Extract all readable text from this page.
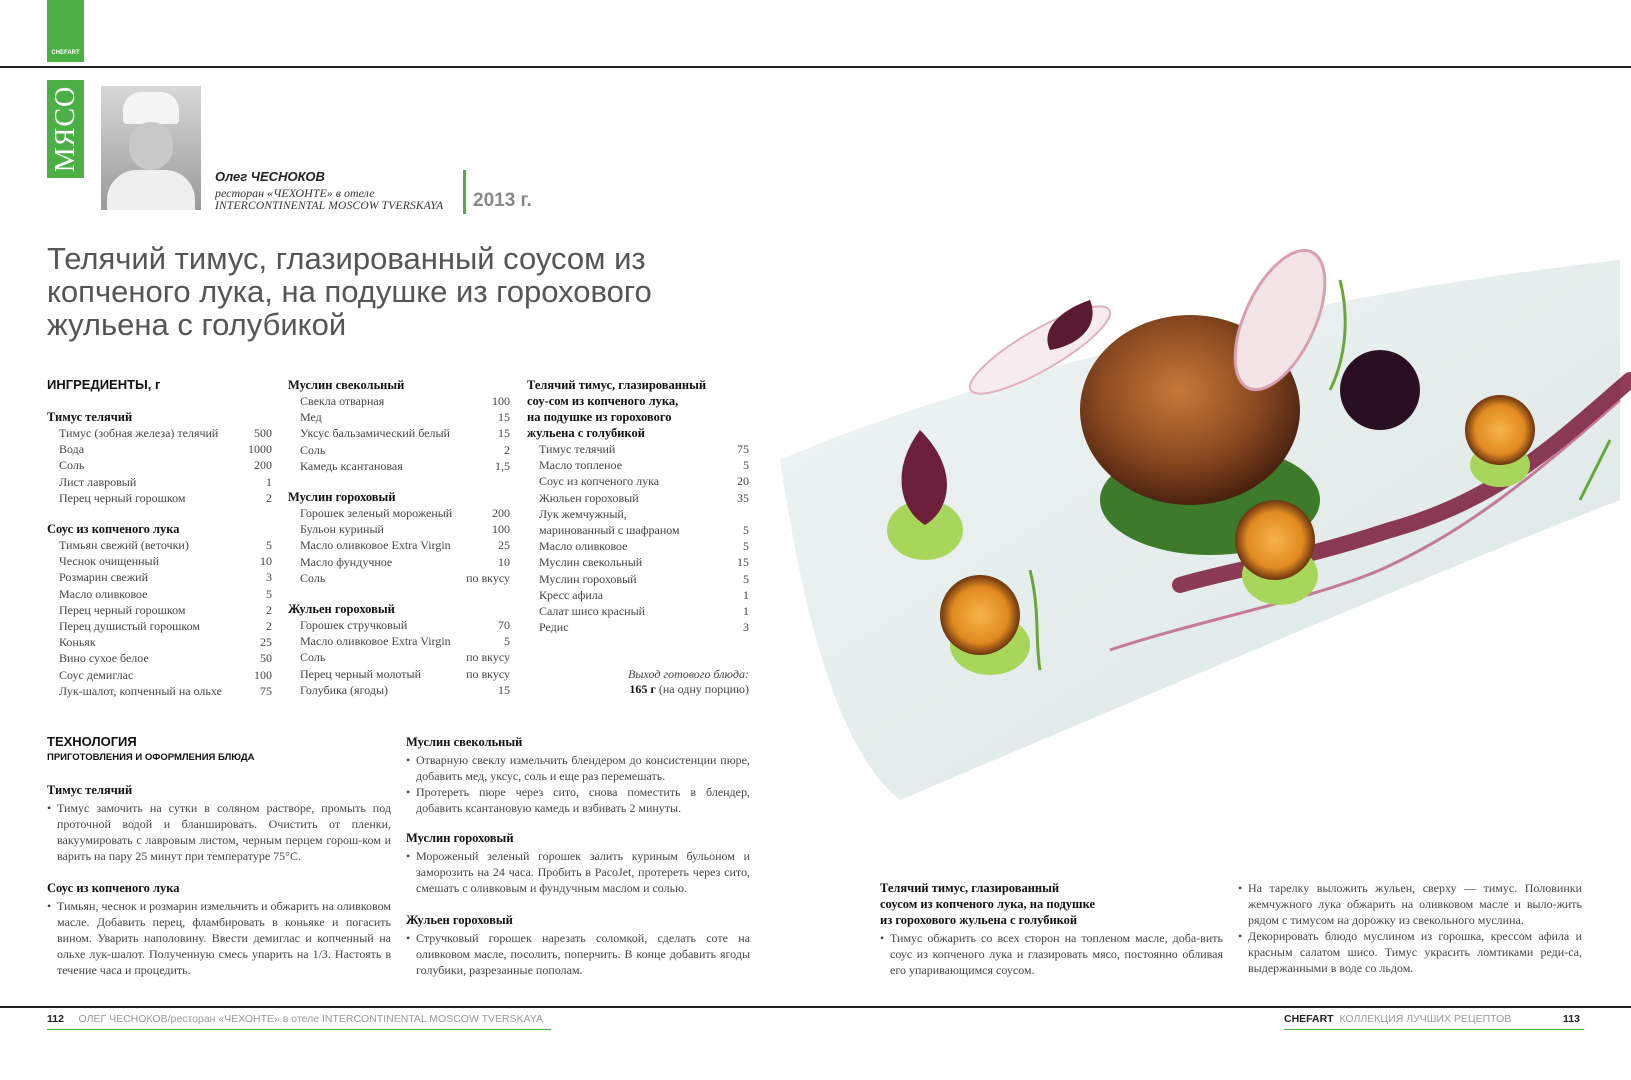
CHEFART
МЯСО
Олег ЧЕСНОКОВ
ресторан «ЧЕХОНТЕ» в отеле
INTERCONTINENTAL MOSCOW TVERSKAYA 2013 г.
Телячий тимус, глазированный соусом из копченого лука, на подушке из горохового жульена с голубикой
ИНГРЕДИЕНТЫ, г
Тимус телячий
Тимус (зобная железа) телячий	500
Вода	1000
Соль	200
Лист лавровый	1
Перец черный горошком	2
Соус из копченого лука
Тимьян свежий (веточки)	5
Чеснок очищенный	10
Розмарин свежий	3
Масло оливковое	5
Перец черный горошком	2
Перец душистый горошком	2
Коньяк	25
Вино сухое белое	50
Соус демиглас	100
Лук-шалот, копченный на ольхе	75
Муслин свекольный
Свекла отварная	100
Мед	15
Уксус бальзамический белый	15
Соль	2
Камедь ксантановая	1,5
Муслин гороховый
Горошек зеленый мороженый	200
Бульон куриный	100
Масло оливковое Extra Virgin	25
Масло фундучное	10
Соль	по вкусу
Жульен гороховый
Горошек стручковый	70
Масло оливковое Extra Virgin	5
Соль	по вкусу
Перец черный молотый	по вкусу
Голубика (ягоды)	15
Телячий тимус, глазированный
соу-сом из копченого лука,
на подушке из горохового
жульена с голубикой
Тимус телячий	75
Масло топленое	5
Соус из копченого лука	20
Жюльен гороховый	35
Лук жемчужный,
маринованный с шафраном	5
Масло оливковое	5
Муслин свекольный	15
Муслин гороховый	5
Кресс афила	1
Салат шисо красный	1
Редис	3
Выход готового блюда:
165 г (на одну порцию)
ТЕХНОЛОГИЯ
ПРИГОТОВЛЕНИЯ И ОФОРМЛЕНИЯ БЛЮДА
Тимус телячий
• Тимус замочить на сутки в соляном растворе, промыть под проточной водой и бланшировать. Очистить от пленки, вакуумировать с лавровым листом, черным перцем горош-ком и варить на пару 25 минут при температуре 75°С.
Соус из копченого лука
• Тимьян, чеснок и розмарин измельчить и обжарить на оливковом масле. Добавить перец, фламбировать в коньяке и погасить вином. Уварить наполовину. Ввести демиглас и копченный на ольхе лук-шалот. Полученную смесь упарить на 1/3. Настоять в течение часа и процедить.
Муслин свекольный
• Отварную свеклу измельчить блендером до консистенции пюре, добавить мед, уксус, соль и еще раз перемешать.
• Протереть пюре через сито, снова поместить в блендер, добавить ксантановую камедь и взбивать 2 минуты.
Муслин гороховый
• Мороженый зеленый горошек залить куриным бульоном и заморозить на 24 часа. Пробить в PacoJet, протереть через сито, смешать с оливковым и фундучным маслом и солью.
Жульен гороховый
• Стручковый горошек нарезать соломкой, сделать соте на оливковом масле, посолить, поперчить. В конце добавить ягоды голубики, разрезанные пополам.
Телячий тимус, глазированный
соусом из копченого лука, на подушке
из горохового жульена с голубикой
• Тимус обжарить со всех сторон на топленом масле, доба-вить соус из копченого лука и глазировать мясо, постоянно обливая его упаривающимся соусом.
• На тарелку выложить жульен, сверху — тимус. Половинки жемчужного лука обжарить на оливковом масле и выло-жить рядом с тимусом на дорожку из свекольного муслина.
• Декорировать блюдо муслином из горошка, крессом афила и красным салатом шисо. Тимус украсить ломтиками реди-са, выдержанными в воде со льдом.
112 ОЛЕГ ЧЕСНОКОВ/ресторан «ЧЕХОНТЕ» в отеле INTERCONTINENTAL MOSCOW TVERSKAYA	CHEFART КОЛЛЕКЦИЯ ЛУЧШИХ РЕЦЕПТОВ	113
